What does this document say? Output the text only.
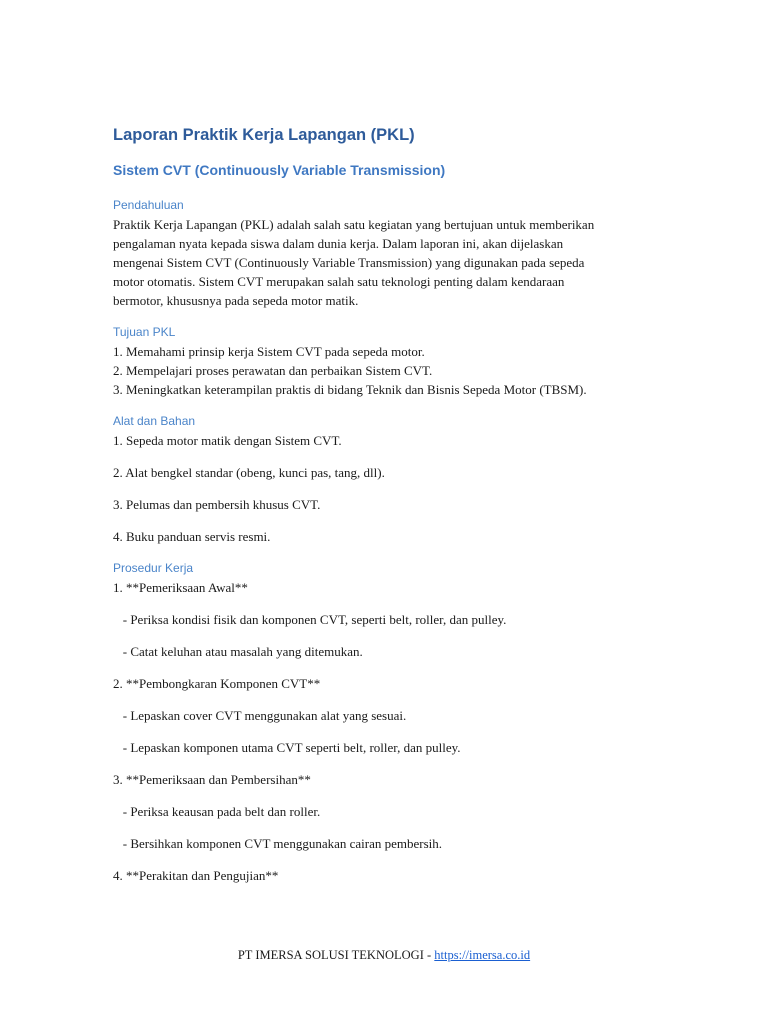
Laporan Praktik Kerja Lapangan (PKL)
Sistem CVT (Continuously Variable Transmission)
Pendahuluan
Praktik Kerja Lapangan (PKL) adalah salah satu kegiatan yang bertujuan untuk memberikan
pengalaman nyata kepada siswa dalam dunia kerja. Dalam laporan ini, akan dijelaskan
mengenai Sistem CVT (Continuously Variable Transmission) yang digunakan pada sepeda
motor otomatis. Sistem CVT merupakan salah satu teknologi penting dalam kendaraan
bermotor, khususnya pada sepeda motor matik.
Tujuan PKL
1. Memahami prinsip kerja Sistem CVT pada sepeda motor.
2. Mempelajari proses perawatan dan perbaikan Sistem CVT.
3. Meningkatkan keterampilan praktis di bidang Teknik dan Bisnis Sepeda Motor (TBSM).
Alat dan Bahan
1. Sepeda motor matik dengan Sistem CVT.
2. Alat bengkel standar (obeng, kunci pas, tang, dll).
3. Pelumas dan pembersih khusus CVT.
4. Buku panduan servis resmi.
Prosedur Kerja
1. **Pemeriksaan Awal**
- Periksa kondisi fisik dan komponen CVT, seperti belt, roller, dan pulley.
- Catat keluhan atau masalah yang ditemukan.
2. **Pembongkaran Komponen CVT**
- Lepaskan cover CVT menggunakan alat yang sesuai.
- Lepaskan komponen utama CVT seperti belt, roller, dan pulley.
3. **Pemeriksaan dan Pembersihan**
- Periksa keausan pada belt dan roller.
- Bersihkan komponen CVT menggunakan cairan pembersih.
4. **Perakitan dan Pengujian**
PT IMERSA SOLUSI TEKNOLOGI - https://imersa.co.id
